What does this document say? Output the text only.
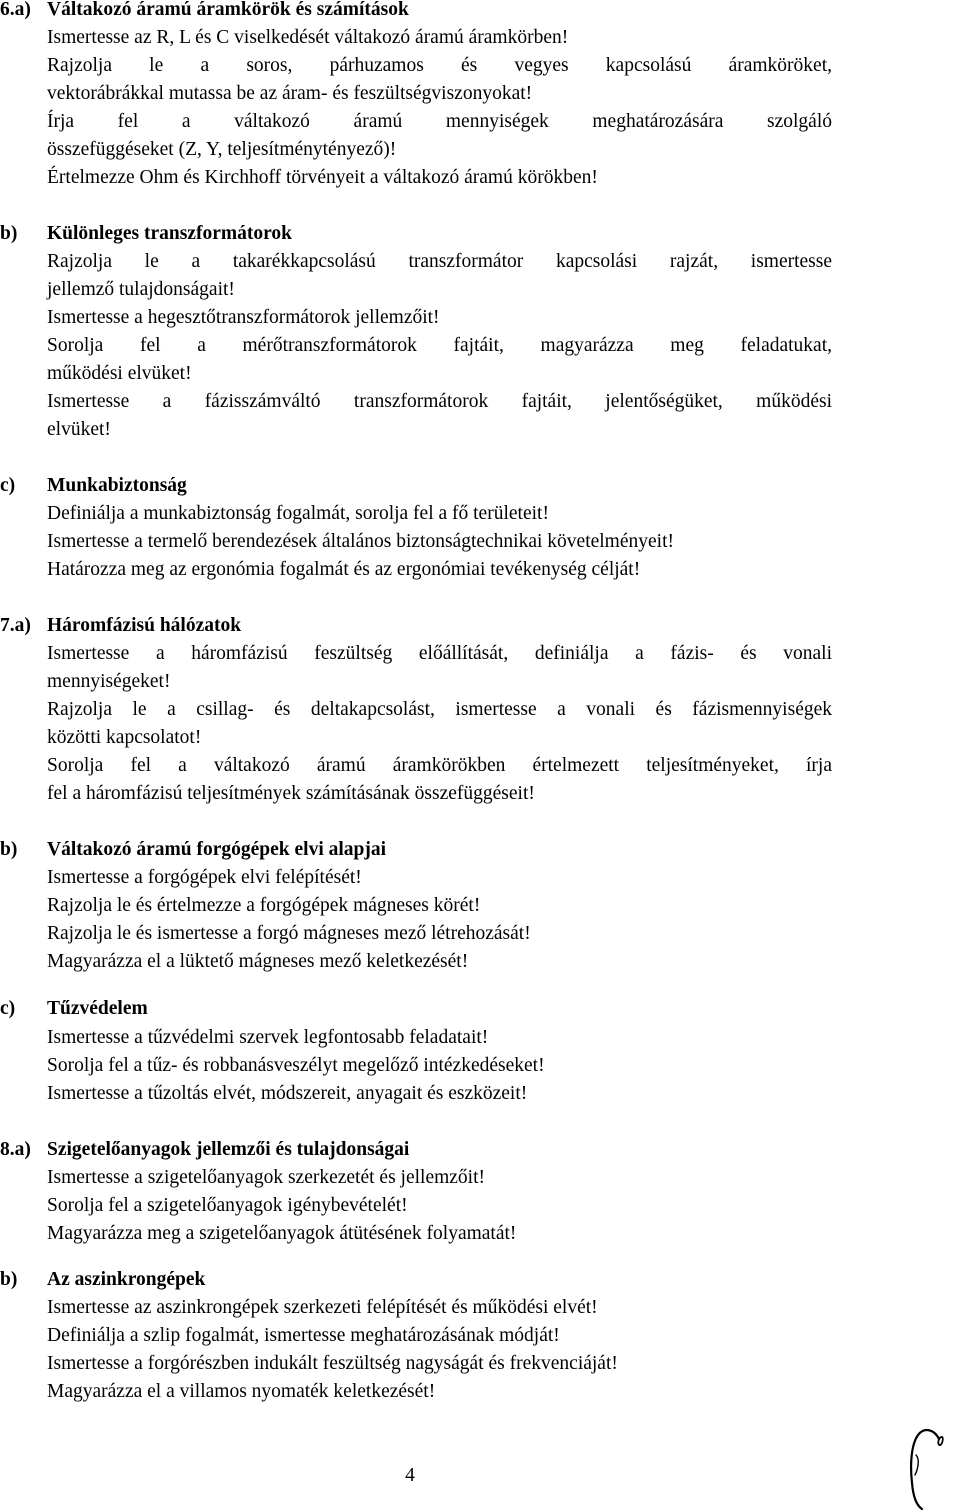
6.a) Váltakozó áramú áramkörök és számítások
Ismertesse az R, L és C viselkedését váltakozó áramú áramkörben!
Rajzolja le a soros, párhuzamos és vegyes kapcsolású áramköröket,
vektorábrákkal mutassa be az áram- és feszültségviszonyokat!
Írja fel a váltakozó áramú mennyiségek meghatározására szolgáló
összefüggéseket (Z, Y, teljesítménytényező)!
Értelmezze Ohm és Kirchhoff törvényeit a váltakozó áramú körökben!
b) Különleges transzformátorok
Rajzolja le a takarékkapcsolású transzformátor kapcsolási rajzát, ismertesse
jellemző tulajdonságait!
Ismertesse a hegesztőtranszformátorok jellemzőit!
Sorolja fel a mérőtranszformátorok fajtáit, magyarázza meg feladatukat,
működési elvüket!
Ismertesse a fázisszámváltó transzformátorok fajtáit, jelentőségüket, működési
elvüket!
c) Munkabiztonság
Definiálja a munkabiztonság fogalmát, sorolja fel a fő területeit!
Ismertesse a termelő berendezések általános biztonságtechnikai követelményeit!
Határozza meg az ergonómia fogalmát és az ergonómiai tevékenység célját!
7.a) Háromfázisú hálózatok
Ismertesse a háromfázisú feszültség előállítását, definiálja a fázis- és vonali
mennyiségeket!
Rajzolja le a csillag- és deltakapcsolást, ismertesse a vonali és fázismennyiségek
közötti kapcsolatot!
Sorolja fel a váltakozó áramú áramkörökben értelmezett teljesítményeket, írja
fel a háromfázisú teljesítmények számításának összefüggéseit!
b) Váltakozó áramú forgógépek elvi alapjai
Ismertesse a forgógépek elvi felépítését!
Rajzolja le és értelmezze a forgógépek mágneses körét!
Rajzolja le és ismertesse a forgó mágneses mező létrehozását!
Magyarázza el a lüktető mágneses mező keletkezését!
c) Tűzvédelem
Ismertesse a tűzvédelmi szervek legfontosabb feladatait!
Sorolja fel a tűz- és robbanásveszélyt megelőző intézkedéseket!
Ismertesse a tűzoltás elvét, módszereit, anyagait és eszközeit!
8.a) Szigetelőanyagok jellemzői és tulajdonságai
Ismertesse a szigetelőanyagok szerkezetét és jellemzőit!
Sorolja fel a szigetelőanyagok igénybevételét!
Magyarázza meg a szigetelőanyagok átütésének folyamatát!
b) Az aszinkrongépek
Ismertesse az aszinkrongépek szerkezeti felépítését és működési elvét!
Definiálja a szlip fogalmát, ismertesse meghatározásának módját!
Ismertesse a forgórészben indukált feszültség nagyságát és frekvenciáját!
Magyarázza el a villamos nyomaték keletkezését!
4
